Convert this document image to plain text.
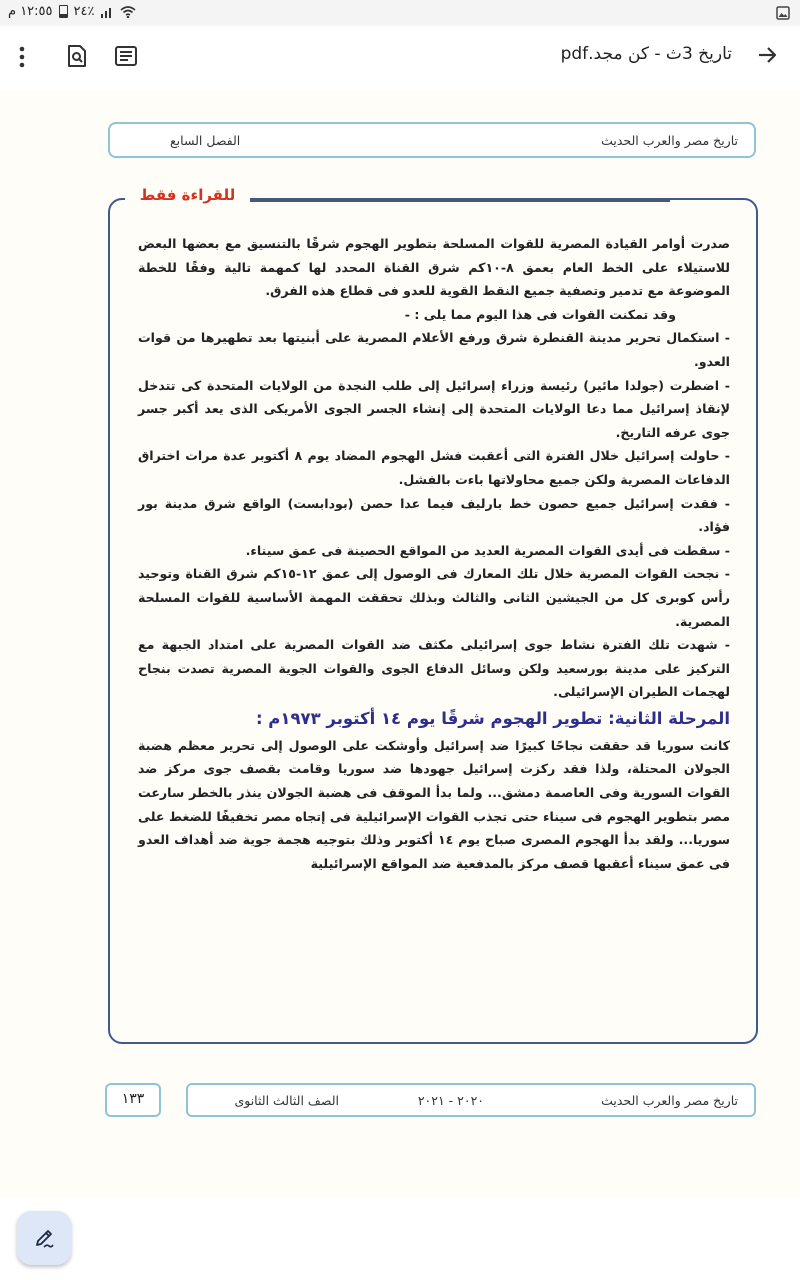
١٢:٥٥ م ٢٤٪
تاريخ 3ث - كن مجد.pdf
تاريخ مصر والعرب الحديث
الفصل السابع
للقراءة فقط

صدرت أوامر القيادة المصرية للقوات المسلحة بتطوير الهجوم شرقًا بالتنسيق مع بعضها البعض للاستيلاء على الخط العام بعمق ٨-١٠كم شرق القناة المحدد لها كمهمة تالية وفقًا للخطة الموضوعة مع تدمير وتصفية جميع النقط القوية للعدو فى قطاع هذه الفرق.

وقد تمكنت القوات فى هذا اليوم مما يلى : -

- استكمال تحرير مدينة القنطرة شرق ورفع الأعلام المصرية على أبنيتها بعد تطهيرها من قوات العدو.

- اضطرت (جولدا مائير) رئيسة وزراء إسرائيل إلى طلب النجدة من الولايات المتحدة كى تتدخل لإنقاذ إسرائيل مما دعا الولايات المتحدة إلى إنشاء الجسر الجوى الأمريكى الذى يعد أكبر جسر جوى عرفه التاريخ.

- حاولت إسرائيل خلال الفترة التى أعقبت فشل الهجوم المضاد يوم ٨ أكتوبر عدة مرات اختراق الدفاعات المصرية ولكن جميع محاولاتها باءت بالفشل.

- فقدت إسرائيل جميع حصون خط بارليف فيما عدا حصن (بودابست) الواقع شرق مدينة بور فؤاد.

- سقطت فى أيدى القوات المصرية العديد من المواقع الحصينة فى عمق سيناء.

- نجحت القوات المصرية خلال تلك المعارك فى الوصول إلى عمق ١٢-١٥كم شرق القناة وتوحيد رأس كوبرى كل من الجيشين الثانى والثالث وبذلك تحققت المهمة الأساسية للقوات المسلحة المصرية.

- شهدت تلك الفترة نشاط جوى إسرائيلى مكثف ضد القوات المصرية على امتداد الجبهة مع التركيز على مدينة بورسعيد ولكن وسائل الدفاع الجوى والقوات الجوية المصرية تصدت بنجاح لهجمات الطيران الإسرائيلى.

المرحلة الثانية: تطوير الهجوم شرقًا يوم ١٤ أكتوبر ١٩٧٣م :

كانت سوريا قد حققت نجاحًا كبيرًا ضد إسرائيل وأوشكت على الوصول إلى تحرير معظم هضبة الجولان المحتلة، ولذا فقد ركزت إسرائيل جهودها ضد سوريا وقامت بقصف جوى مركز ضد القوات السورية وفى العاصمة دمشق... ولما بدأ الموقف فى هضبة الجولان ينذر بالخطر سارعت مصر بتطوير الهجوم فى سيناء حتى تجذب القوات الإسرائيلية فى إتجاه مصر تخفيفًا للضغط على سوريا... ولقد بدأ الهجوم المصرى صباح يوم ١٤ أكتوبر وذلك بتوجيه هجمة جوية ضد أهداف العدو فى عمق سيناء أعقبها قصف مركز بالمدفعية ضد المواقع الإسرائيلية

١٣٣	تاريخ مصر والعرب الحديث
٢٠٢٠ - ٢٠٢١
الصف الثالث الثانوى
